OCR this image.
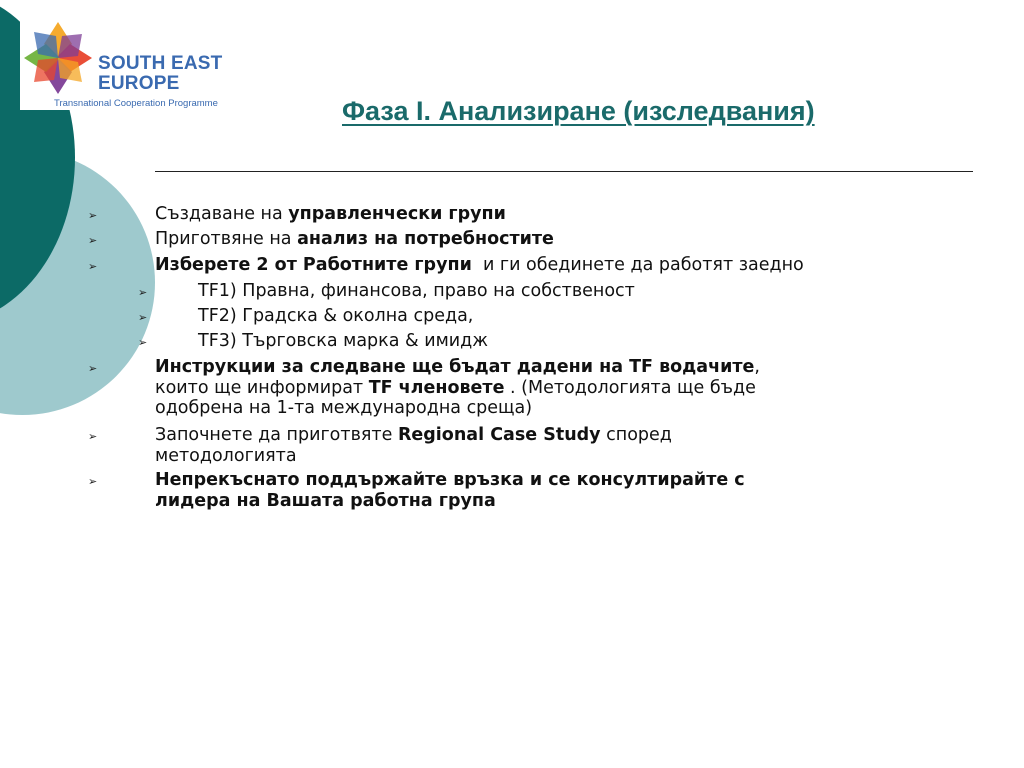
SOUTH EAST
EUROPE
Transnational Cooperation Programme	Фаза І. Анализиране (изследвания)
➢	Създаване на управленчески групи
➢	Приготвяне на анализ на потребностите
➢	Изберете 2 от Работните групи  и ги обединете да работят заедно
➢	TF1) Правна, финансова, право на собственост
➢	TF2) Градска & околна среда,
➢	TF3) Търговска марка & имидж
➢	Инструкции за следване ще бъдат дадени на TF водачите,
които ще информират TF членовете . (Методологията ще бъде
одобрена на 1-та международна среща)
➢	Започнете да приготвяте Regional Case Study според
методологията
➢	Непрекъснато поддържайте връзка и се консултирайте с
лидера на Вашата работна група
